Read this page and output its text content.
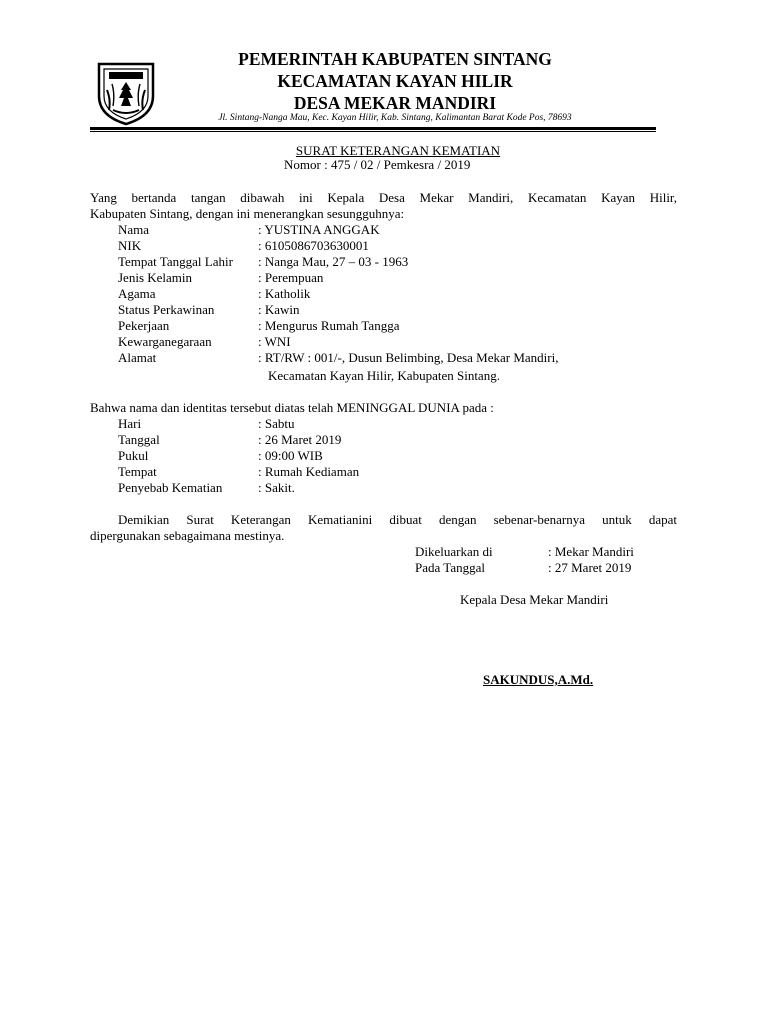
PEMERINTAH KABUPATEN SINTANG
KECAMATAN KAYAN HILIR
DESA MEKAR MANDIRI
Jl. Sintang-Nanga Mau, Kec. Kayan Hilir, Kab. Sintang, Kalimantan Barat Kode Pos, 78693
SURAT KETERANGAN KEMATIAN
Nomor : 475 / 02 / Pemkesra / 2019
Yang bertanda tangan dibawah ini Kepala Desa Mekar Mandiri, Kecamatan Kayan Hilir,
Kabupaten Sintang, dengan ini menerangkan sesungguhnya:
Nama	: YUSTINA ANGGAK
NIK	: 6105086703630001
Tempat Tanggal Lahir : Nanga Mau, 27 – 03 - 1963
Jenis Kelamin	: Perempuan
Agama	: Katholik
Status Perkawinan	: Kawin
Pekerjaan	: Mengurus Rumah Tangga
Kewarganegaraan	: WNI
Alamat	: RT/RW : 001/-, Dusun Belimbing, Desa Mekar Mandiri,
Kecamatan Kayan Hilir, Kabupaten Sintang.
Bahwa nama dan identitas tersebut diatas telah MENINGGAL DUNIA pada :
Hari	: Sabtu
Tanggal	: 26 Maret 2019
Pukul	: 09:00 WIB
Tempat	: Rumah Kediaman
Penyebab Kematian	: Sakit.
Demikian Surat Keterangan Kematianini dibuat dengan sebenar-benarnya untuk dapat
dipergunakan sebagaimana mestinya.
Dikeluarkan di	: Mekar Mandiri
Pada Tanggal	: 27 Maret 2019
Kepala Desa Mekar Mandiri
SAKUNDUS,A.Md.
